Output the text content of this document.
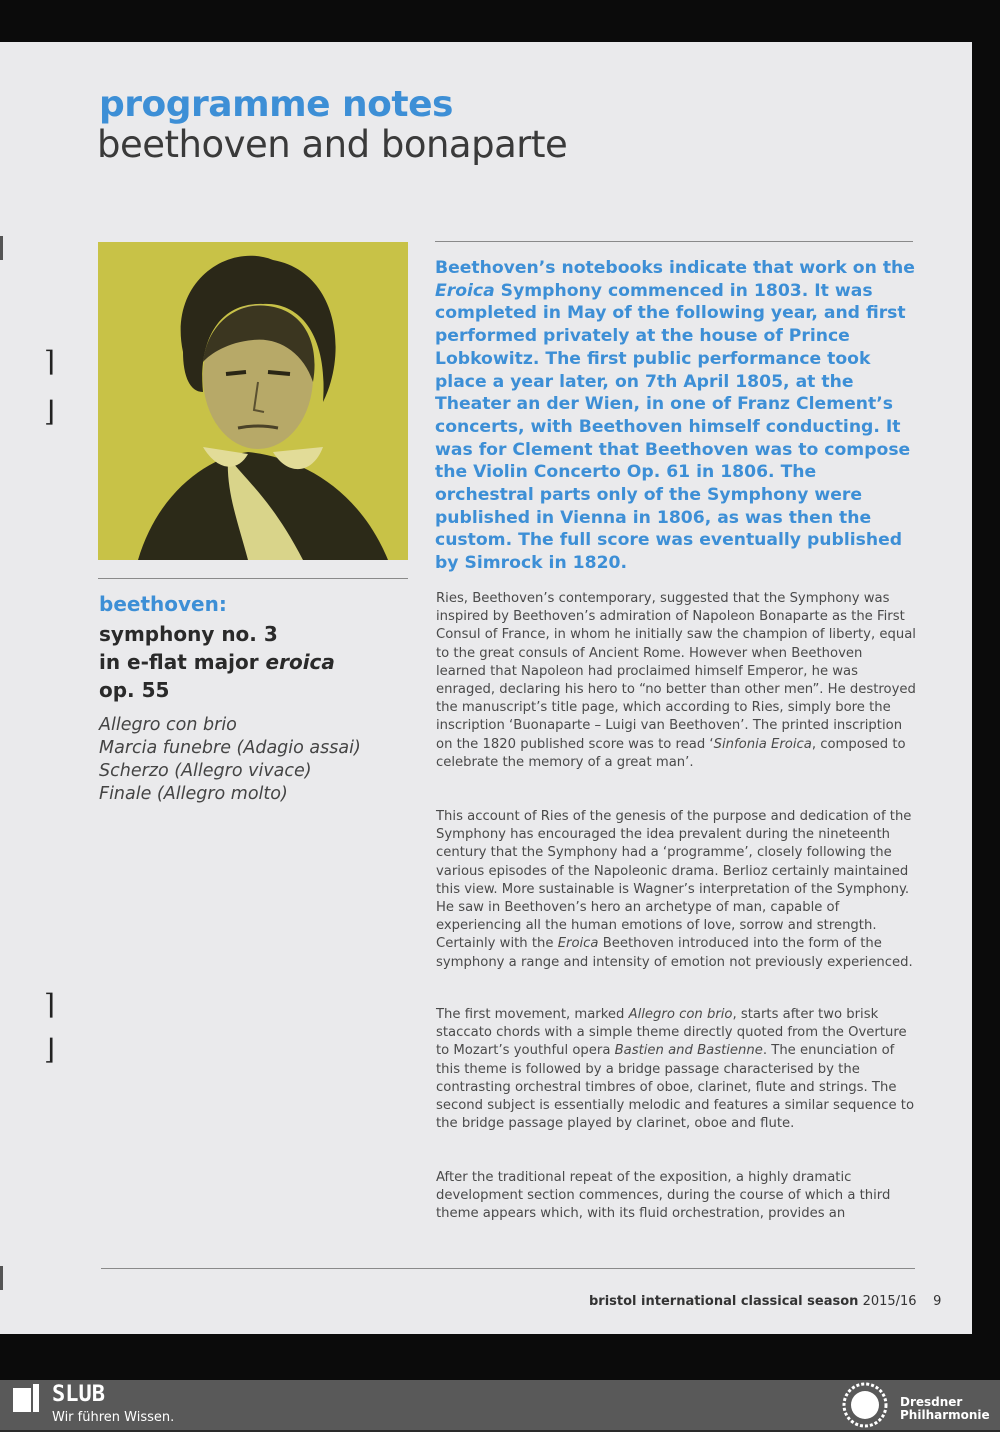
programme notes
beethoven and bonaparte
Beethoven’s notebooks indicate that work on the Eroica Symphony commenced in 1803. It was completed in May of the following year, and first performed privately at the house of Prince Lobkowitz. The first public performance took place a year later, on 7th April 1805, at the Theater an der Wien, in one of Franz Clement’s concerts, with Beethoven himself conducting. It was for Clement that Beethoven was to compose the Violin Concerto Op. 61 in 1806. The orchestral parts only of the Symphony were published in Vienna in 1806, as was then the custom. The full score was eventually published by Simrock in 1820.
beethoven:
symphony no. 3
in e-flat major eroica
op. 55
Allegro con brio
Marcia funebre (Adagio assai)
Scherzo (Allegro vivace)
Finale (Allegro molto)
Ries, Beethoven’s contemporary, suggested that the Symphony was inspired by Beethoven’s admiration of Napoleon Bonaparte as the First Consul of France, in whom he initially saw the champion of liberty, equal to the great consuls of Ancient Rome. However when Beethoven learned that Napoleon had proclaimed himself Emperor, he was enraged, declaring his hero to “no better than other men”. He destroyed the manuscript’s title page, which according to Ries, simply bore the inscription ‘Buonaparte – Luigi van Beethoven’. The printed inscription on the 1820 published score was to read ‘Sinfonia Eroica, composed to celebrate the memory of a great man’.
This account of Ries of the genesis of the purpose and dedication of the Symphony has encouraged the idea prevalent during the nineteenth century that the Symphony had a ‘programme’, closely following the various episodes of the Napoleonic drama. Berlioz certainly maintained this view. More sustainable is Wagner’s interpretation of the Symphony. He saw in Beethoven’s hero an archetype of man, capable of experiencing all the human emotions of love, sorrow and strength. Certainly with the Eroica Beethoven introduced into the form of the symphony a range and intensity of emotion not previously experienced.
The first movement, marked Allegro con brio, starts after two brisk staccato chords with a simple theme directly quoted from the Overture to Mozart’s youthful opera Bastien and Bastienne. The enunciation of this theme is followed by a bridge passage characterised by the contrasting orchestral timbres of oboe, clarinet, flute and strings. The second subject is essentially melodic and features a similar sequence to the bridge passage played by clarinet, oboe and flute.
After the traditional repeat of the exposition, a highly dramatic development section commences, during the course of which a third theme appears which, with its fluid orchestration, provides an
bristol international classical season 2015/16 9
⌉
⌋
⌉
⌋
SLUB
Wir führen Wissen.
Dresdner
Philharmonie
